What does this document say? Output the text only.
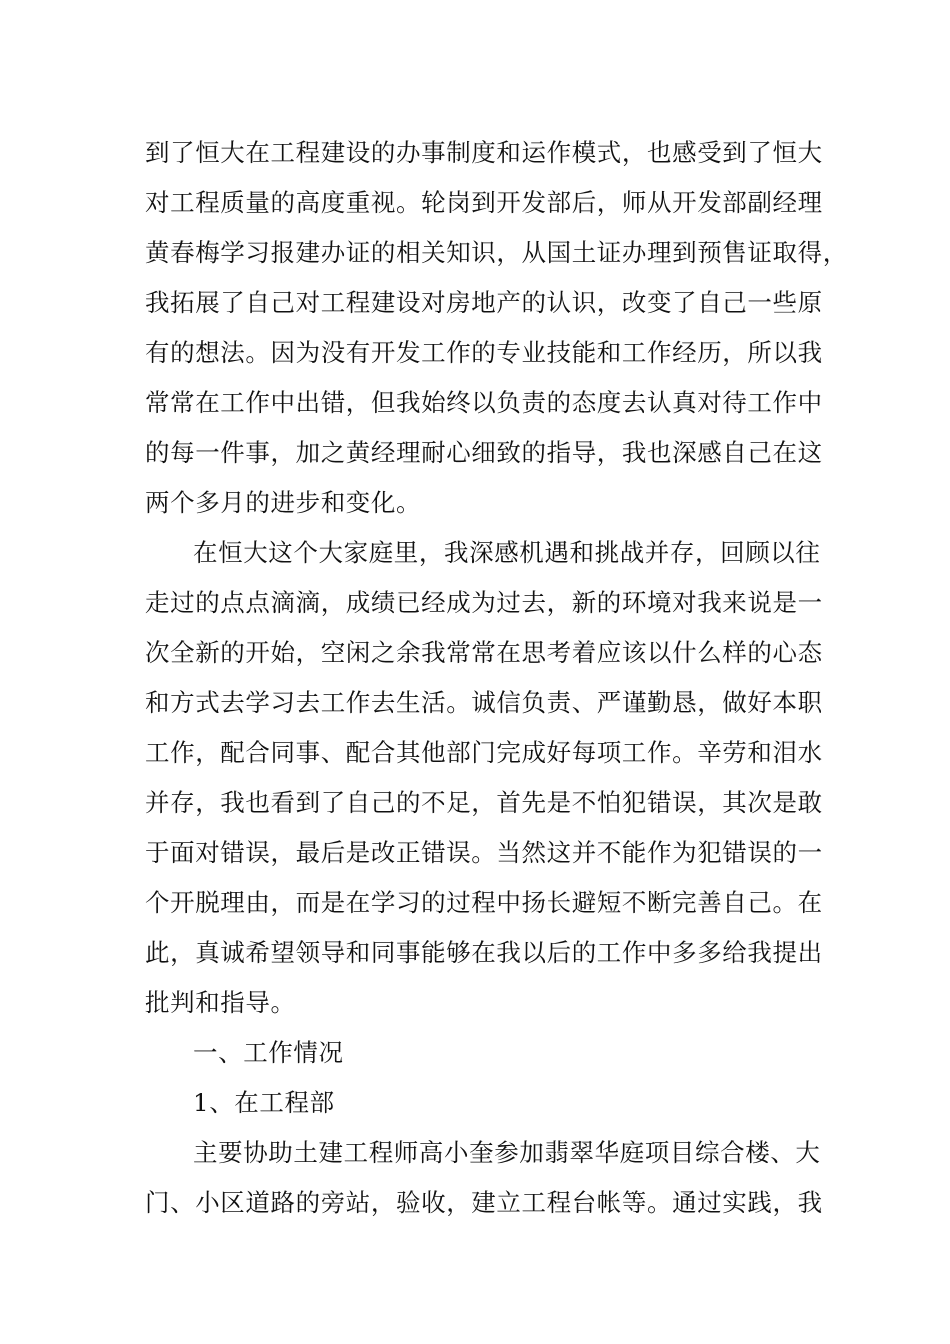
到了恒大在工程建设的办事制度和运作模式，也感受到了恒大
对工程质量的高度重视。轮岗到开发部后，师从开发部副经理
黄春梅学习报建办证的相关知识，从国土证办理到预售证取得，
我拓展了自己对工程建设对房地产的认识，改变了自己一些原
有的想法。因为没有开发工作的专业技能和工作经历，所以我
常常在工作中出错，但我始终以负责的态度去认真对待工作中
的每一件事，加之黄经理耐心细致的指导，我也深感自己在这
两个多月的进步和变化。
在恒大这个大家庭里，我深感机遇和挑战并存，回顾以往
走过的点点滴滴，成绩已经成为过去，新的环境对我来说是一
次全新的开始，空闲之余我常常在思考着应该以什么样的心态
和方式去学习去工作去生活。诚信负责、严谨勤恳，做好本职
工作，配合同事、配合其他部门完成好每项工作。辛劳和泪水
并存，我也看到了自己的不足，首先是不怕犯错误，其次是敢
于面对错误，最后是改正错误。当然这并不能作为犯错误的一
个开脱理由，而是在学习的过程中扬长避短不断完善自己。在
此，真诚希望领导和同事能够在我以后的工作中多多给我提出
批判和指导。
一、工作情况
1、在工程部
主要协助土建工程师高小奎参加翡翠华庭项目综合楼、大
门、小区道路的旁站，验收，建立工程台帐等。通过实践，我
